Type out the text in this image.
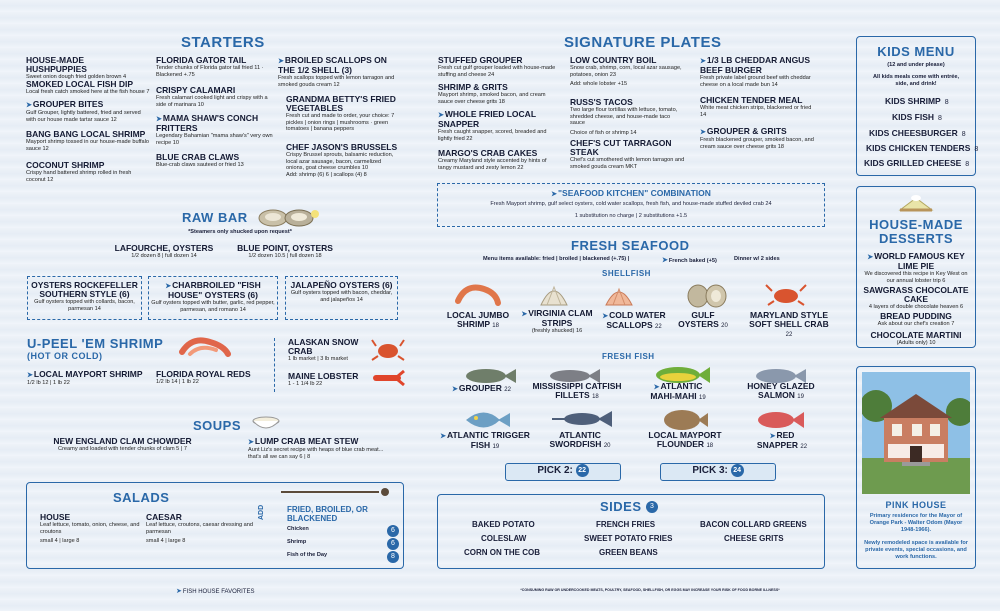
STARTERS
HOUSE-MADE HUSHPUPPIES
Sweet onion dough fried golden brown 4
SMOKED LOCAL FISH DIP
Local fresh catch smoked here at the fish house 7
➤GROUPER BITES
Gulf Grouper, lightly battered, fried and served with our house made tartar sauce 12
BANG BANG LOCAL SHRIMP
Mayport shrimp tossed in our house-made buffalo sauce 12
COCONUT SHRIMP
Crispy hand battered shrimp rolled in fresh coconut 12
FLORIDA GATOR TAIL
Tender chunks of Florida gator tail fried 11 · Blackened +.75
CRISPY CALAMARI
Fresh calamari cooked light and crispy with a side of marinara 10
➤MAMA SHAW'S CONCH FRITTERS
Legendary Bahamian "mama shaw's" very own recipe 10
BLUE CRAB CLAWS
Blue-crab claws sauteed or fried 13
➤BROILED SCALLOPS ON THE 1/2 SHELL (3)
Fresh scallops topped with lemon tarragon and smoked gouda cream 12
GRANDMA BETTY'S FRIED VEGETABLES
Fresh cut and made to order, your choice: 7
pickles | onion rings | mushrooms · green tomatoes | banana peppers
CHEF JASON'S BRUSSELS
Crispy Brussel sprouts, balsamic reduction, local azar sausage, bacon, carmelized onions, goat cheese crumbles 10
Add: shrimp (6) 6 | scallops (4) 8
RAW BAR
*Steamers only shucked upon request*
LAFOURCHE, OYSTERS
1/2 dozen 8 | full dozen 14
BLUE POINT, OYSTERS
1/2 dozen 10.5 | full dozen 18
OYSTERS ROCKEFELLER SOUTHERN STYLE (6)
Gulf oysters topped with collards, bacon, parmesan 14
➤CHARBROILED "FISH HOUSE" OYSTERS (6)
Gulf oysters topped with butter, garlic, red pepper, parmesan, and romano 14
JALAPEÑO OYSTERS (6)
Gulf oysters topped with bacon, cheddar, and jalapeños 14
U-PEEL 'EM SHRIMP
(HOT OR COLD)
➤LOCAL MAYPORT SHRIMP
1/2 lb 12 | 1 lb 22
FLORIDA ROYAL REDS
1/2 lb 14 | 1 lb 22
ALASKAN SNOW CRAB
1 lb market | 3 lb market
MAINE LOBSTER
1 - 1 1/4 lb 22
SOUPS
NEW ENGLAND CLAM CHOWDER
Creamy and loaded with tender chunks of clam 5 | 7
➤LUMP CRAB MEAT STEW
Aunt Liz's secret recipe with heaps of blue crab meat... that's all we can say 6 | 8
SALADS
HOUSE
Leaf lettuce, tomato, onion, cheese, and croutons
small 4 | large 8
CAESAR
Leaf lettuce, croutons, caesar dressing and parmesan
small 4 | large 8
ADD	FRIED, BROILED, OR BLACKENED
Chicken	6
Shrimp	6
Fish of the Day	8
➤FISH HOUSE FAVORITES
SIGNATURE PLATES
STUFFED GROUPER
Fresh cut gulf grouper loaded with house-made stuffing and cheese 24
SHRIMP & GRITS
Mayport shrimp, smoked bacon, and cream sauce over cheese grits 18
➤WHOLE FRIED LOCAL SNAPPER
Fresh caught snapper, scored, breaded and lightly fried 22
MARGO'S CRAB CAKES
Creamy Maryland style accented by hints of tangy mustard and zesty lemon 22
LOW COUNTRY BOIL
Snow crab, shrimp, corn, local azar sausage, potatoes, onion 23
Add: whole lobster +15
RUSS'S TACOS
Two large flour tortillas with lettuce, tomato, shredded cheese, and house-made taco sauce
Choice of fish or shrimp 14
CHEF'S CUT TARRAGON STEAK
Chef's cut smothered with lemon tarragon and smoked gouda cream MKT
➤1/3 LB CHEDDAR ANGUS BEEF BURGER
Fresh private label ground beef with cheddar cheese on a local made bun 14
CHICKEN TENDER MEAL
White meat chicken strips, blackened or fried 14
➤GROUPER & GRITS
Fresh blackened grouper, smoked bacon, and cream sauce over cheese grits 18
➤"SEAFOOD KITCHEN" COMBINATION
Fresh Mayport shrimp, gulf select oysters, cold water scallops, fresh fish, and house-made stuffed deviled crab 24
1 substitution no charge | 2 substitutions +1.5
FRESH SEAFOOD
Menu items available: fried | broiled | blackened (+.75) |	➤French baked (+5)	Dinner w/ 2 sides
SHELLFISH
LOCAL JUMBO SHRIMP 18
➤VIRGINIA CLAM STRIPS
(freshly shucked) 16
➤COLD WATER SCALLOPS 22
GULF OYSTERS 20
MARYLAND STYLE SOFT SHELL CRAB 22
FRESH FISH
➤GROUPER 22	MISSISSIPPI CATFISH FILLETS 18
➤ATLANTIC MAHI-MAHI 19
HONEY GLAZED SALMON 19
➤ATLANTIC TRIGGER FISH 19
ATLANTIC SWORDFISH 20
LOCAL MAYPORT FLOUNDER 18
➤RED SNAPPER 22
PICK 2: 22	PICK 3: 24
SIDES 3
BAKED POTATO	FRENCH FRIES	BACON COLLARD GREENS
COLESLAW	SWEET POTATO FRIES	CHEESE GRITS
CORN ON THE COB	GREEN BEANS
*CONSUMING RAW OR UNDERCOOKED MEATS, POULTRY, SEAFOOD, SHELLFISH, OR EGGS MAY INCREASE YOUR RISK OF FOOD BORNE ILLNESS*
KIDS MENU
(12 and under please)
All kids meals come with entrée, side, and drink!
KIDS SHRIMP 8
KIDS FISH 8
KIDS CHEESBURGER 8
KIDS CHICKEN TENDERS 8
KIDS GRILLED CHEESE 8
HOUSE-MADE
DESSERTS
➤WORLD FAMOUS KEY LIME PIE
We discovered this recipe in Key West on our annual lobster trip 6
SAWGRASS CHOCOLATE CAKE
4 layers of double chocolate heaven 6
BREAD PUDDING
Ask about our chef's creation 7
CHOCOLATE MARTINI
(Adults only) 10
PINK HOUSE
Primary residence for the Mayor of Orange Park - Walter Odom (Mayor 1948-1966).
Newly remodeled space is available for private events, special occasions, and work functions.
